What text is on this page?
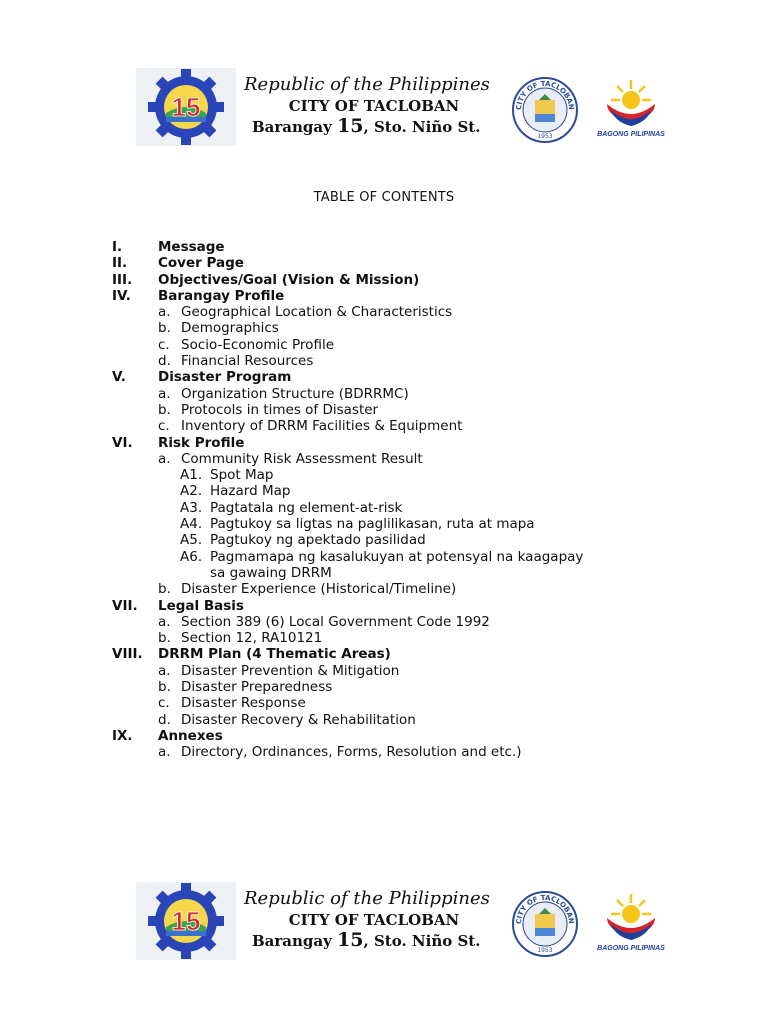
15
Republic of the Philippines
CITY OF TACLOBAN
Barangay 15, Sto. Niño St.
CITY OF TACLOBAN
1953	BAGONG PILIPINAS
TABLE OF CONTENTS
I.	Message
II. Cover Page
III. Objectives/Goal (Vision & Mission)
IV. Barangay Profile
a. Geographical Location & Characteristics
b. Demographics
c. Socio-Economic Profile
d. Financial Resources
V. Disaster Program
a. Organization Structure (BDRRMC)
b. Protocols in times of Disaster
c. Inventory of DRRM Facilities & Equipment
VI. Risk Profile
a. Community Risk Assessment Result
A1. Spot Map
A2. Hazard Map
A3. Pagtatala ng element-at-risk
A4. Pagtukoy sa ligtas na paglilikasan, ruta at mapa
A5. Pagtukoy ng apektado pasilidad
A6. Pagmamapa ng kasalukuyan at potensyal na kaagapay
sa gawaing DRRM
b. Disaster Experience (Historical/Timeline)
VII. Legal Basis
a. Section 389 (6) Local Government Code 1992
b. Section 12, RA10121
VIII. DRRM Plan (4 Thematic Areas)
a. Disaster Prevention & Mitigation
b. Disaster Preparedness
c. Disaster Response
d. Disaster Recovery & Rehabilitation
IX. Annexes
a. Directory, Ordinances, Forms, Resolution and etc.)
15
Republic of the Philippines
CITY OF TACLOBAN
Barangay 15, Sto. Niño St.
CITY OF TACLOBAN
1953	BAGONG PILIPINAS
